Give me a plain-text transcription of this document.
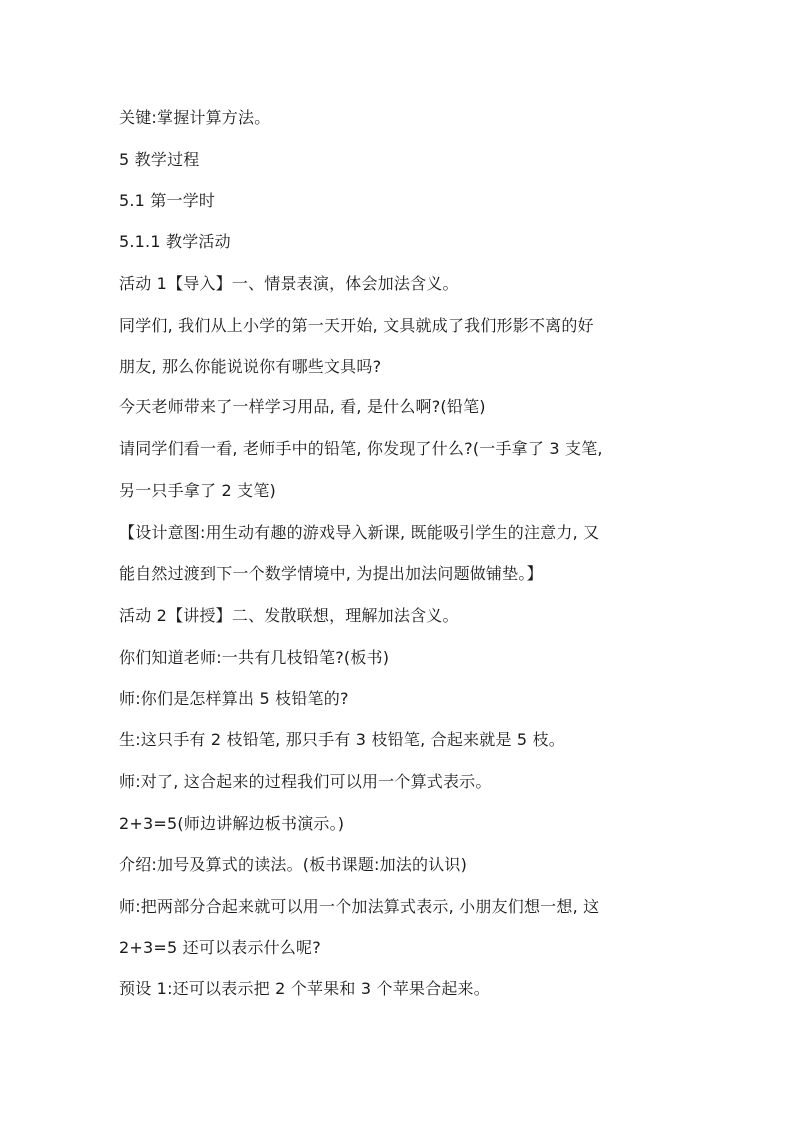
关键:掌握计算方法。
5 教学过程
5.1 第一学时
5.1.1 教学活动
活动 1【导入】一、情景表演，体会加法含义。
同学们, 我们从上小学的第一天开始, 文具就成了我们形影不离的好
朋友, 那么你能说说你有哪些文具吗?
今天老师带来了一样学习用品, 看, 是什么啊?(铅笔)
请同学们看一看, 老师手中的铅笔, 你发现了什么?(一手拿了 3 支笔,
另一只手拿了 2 支笔)
【设计意图:用生动有趣的游戏导入新课, 既能吸引学生的注意力, 又
能自然过渡到下一个数学情境中, 为提出加法问题做铺垫。】
活动 2【讲授】二、发散联想，理解加法含义。
你们知道老师:一共有几枝铅笔?(板书)
师:你们是怎样算出 5 枝铅笔的?
生:这只手有 2 枝铅笔, 那只手有 3 枝铅笔, 合起来就是 5 枝。
师:对了, 这合起来的过程我们可以用一个算式表示。
2+3=5(师边讲解边板书演示。)
介绍:加号及算式的读法。(板书课题:加法的认识)
师:把两部分合起来就可以用一个加法算式表示, 小朋友们想一想, 这
2+3=5 还可以表示什么呢?
预设 1:还可以表示把 2 个苹果和 3 个苹果合起来。
